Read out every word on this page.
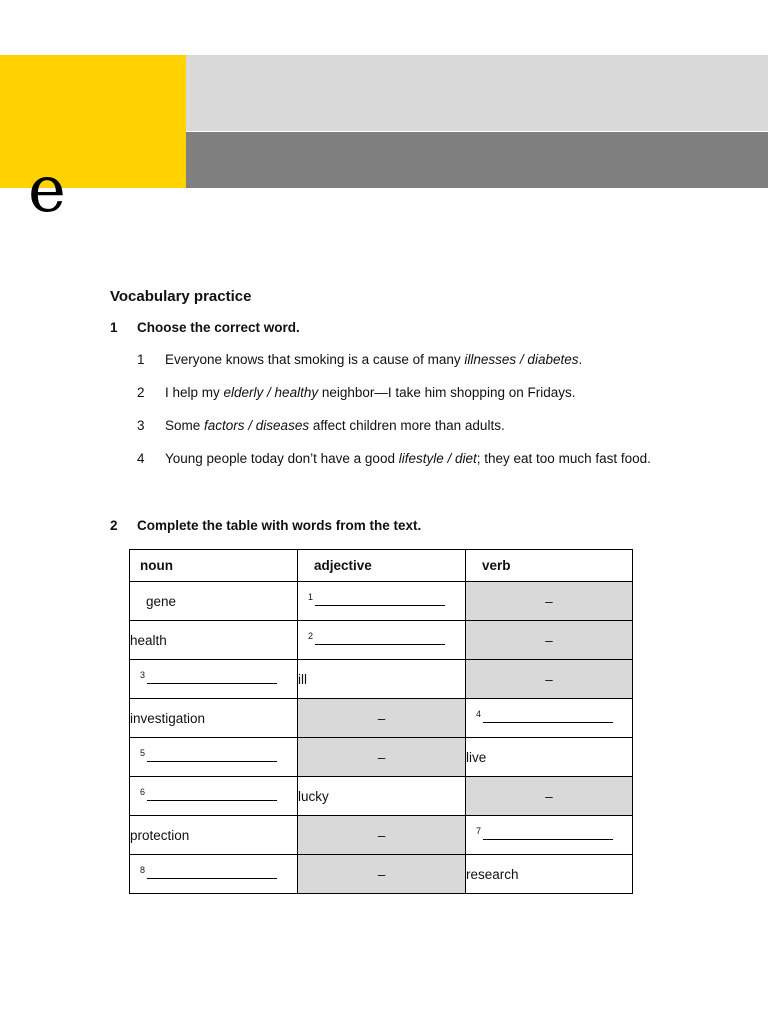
e
Vocabulary practice
1 Choose the correct word.
1	Everyone knows that smoking is a cause of many illnesses / diabetes.
2	I help my elderly / healthy neighbor—I take him shopping on Fridays.
3	Some factors / diseases affect children more than adults.
4	Young people today don’t have a good lifestyle / diet; they eat too much fast food.
2 Complete the table with words from the text.
noun	adjective	verb
gene	$^1$	–
health	$^2$	–

$^3$	ill	–
investigation	–	$^4$

$^5$	–	live

$^6$	lucky	–
protection	–	$^7$

$^8$	–	research
